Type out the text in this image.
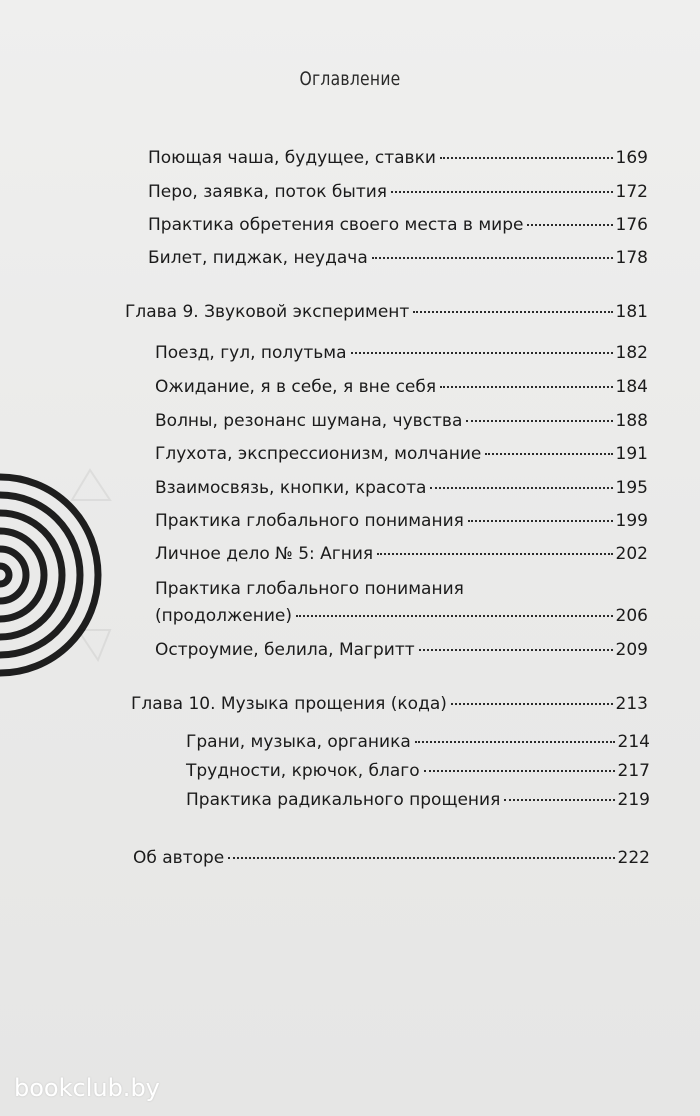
Оглавление
Поющая чаша, будущее, ставки	169
Перо, заявка, поток бытия	172
Практика обретения своего места в мире	176
Билет, пиджак, неудача	178
Глава 9. Звуковой эксперимент	181
Поезд, гул, полутьма	182
Ожидание, я в себе, я вне себя	184
Волны, резонанс шумана, чувства	188
Глухота, экспрессионизм, молчание	191
Взаимосвязь, кнопки, красота	195
Практика глобального понимания	199
Личное дело № 5: Агния	202
Практика глобального понимания
(продолжение)	206
Остроумие, белила, Магритт	209
Глава 10. Музыка прощения (кода)	213
Грани, музыка, органика	214
Трудности, крючок, благо	217
Практика радикального прощения	219
Об авторе	222
bookclub.by
